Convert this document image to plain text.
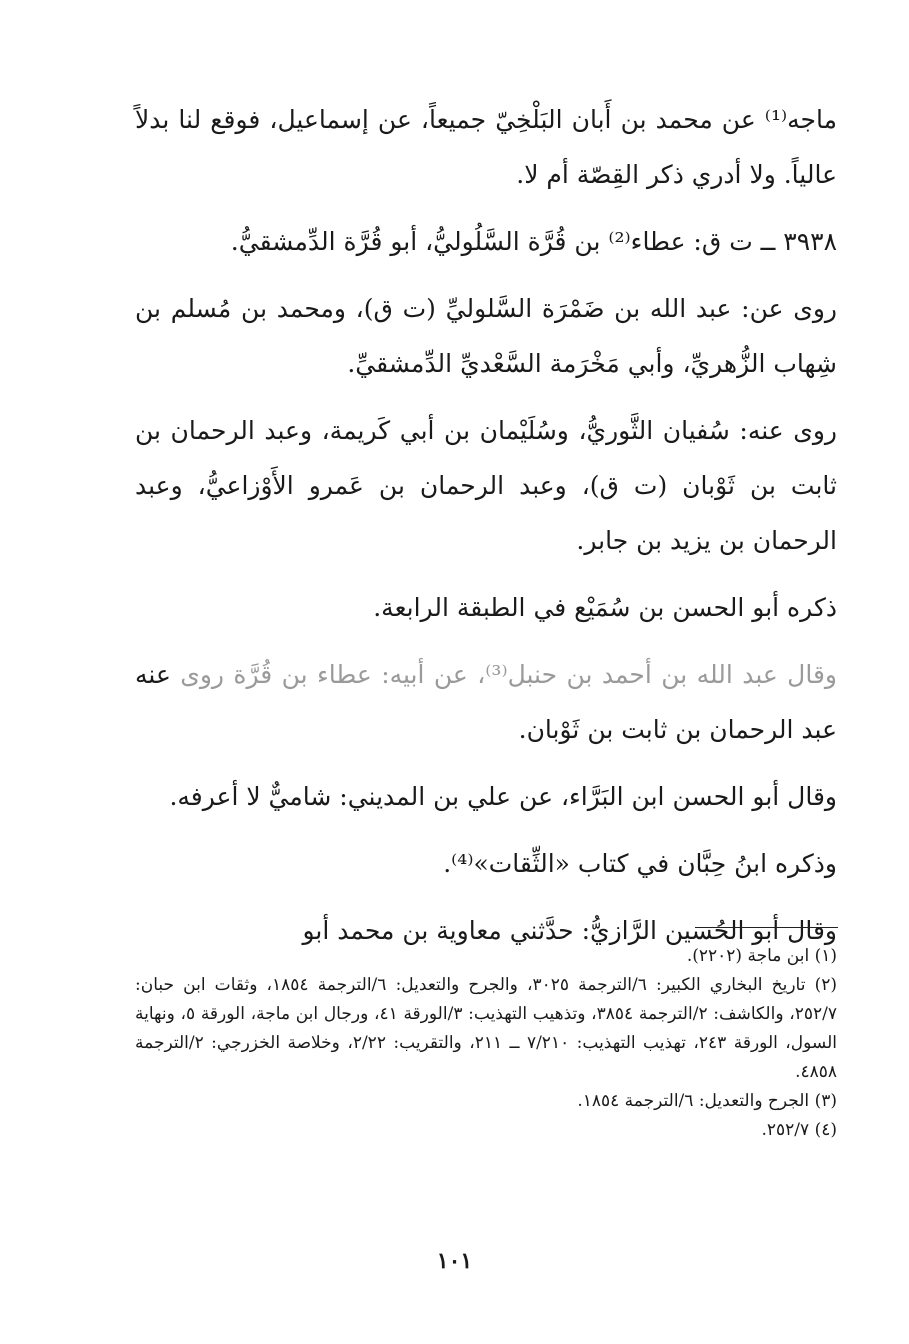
ماجه⁽¹⁾ عن محمد بن أَبان البَلْخِيّ جميعاً، عن إسماعيل، فوقع لنا بدلاً عالياً. ولا أدري ذكر القِصّة أم لا.

٣٩٣٨ ــ ت ق: عطاء⁽²⁾ بن قُرَّة السَّلُوليُّ، أبو قُرَّة الدِّمشقيُّ.

روى عن: عبد الله بن ضَمْرَة السَّلوليِّ (ت ق)، ومحمد بن مُسلم بن شِهاب الزُّهريِّ، وأبي مَخْرَمة السَّعْديِّ الدِّمشقيِّ.

روى عنه: سُفيان الثَّوريُّ، وسُلَيْمان بن أبي كَريمة، وعبد الرحمان بن ثابت بن ثَوْبان (ت ق)، وعبد الرحمان بن عَمرو الأَوْزاعيُّ، وعبد الرحمان بن يزيد بن جابر.

ذكره أبو الحسن بن سُمَيْع في الطبقة الرابعة.

وقال عبد الله بن أحمد بن حنبل⁽³⁾، عن أبيه: عطاء بن قُرَّة روى عنه عبد الرحمان بن ثابت بن ثَوْبان.

وقال أبو الحسن ابن البَرَّاء، عن علي بن المديني: شاميٌّ لا أعرفه.

وذكره ابنُ حِبَّان في كتاب «الثِّقات»⁽⁴⁾.

وقال أبو الحُسين الرَّازيُّ: حدَّثني معاوية بن محمد أبو

(١) ابن ماجة (٢٢٠٢).

(٢) تاريخ البخاري الكبير: ٦/الترجمة ٣٠٢٥، والجرح والتعديل: ٦/الترجمة ١٨٥٤، وثقات ابن حبان: ٢٥٢/٧، والكاشف: ٢/الترجمة ٣٨٥٤، وتذهيب التهذيب: ٣/الورقة ٤١، ورجال ابن ماجة، الورقة ٥، ونهاية السول، الورقة ٢٤٣، تهذيب التهذيب: ٧/٢١٠ ــ ٢١١، والتقريب: ٢/٢٢، وخلاصة الخزرجي: ٢/الترجمة ٤٨٥٨.

(٣) الجرح والتعديل: ٦/الترجمة ١٨٥٤.

(٤) ٢٥٢/٧.

١٠١
